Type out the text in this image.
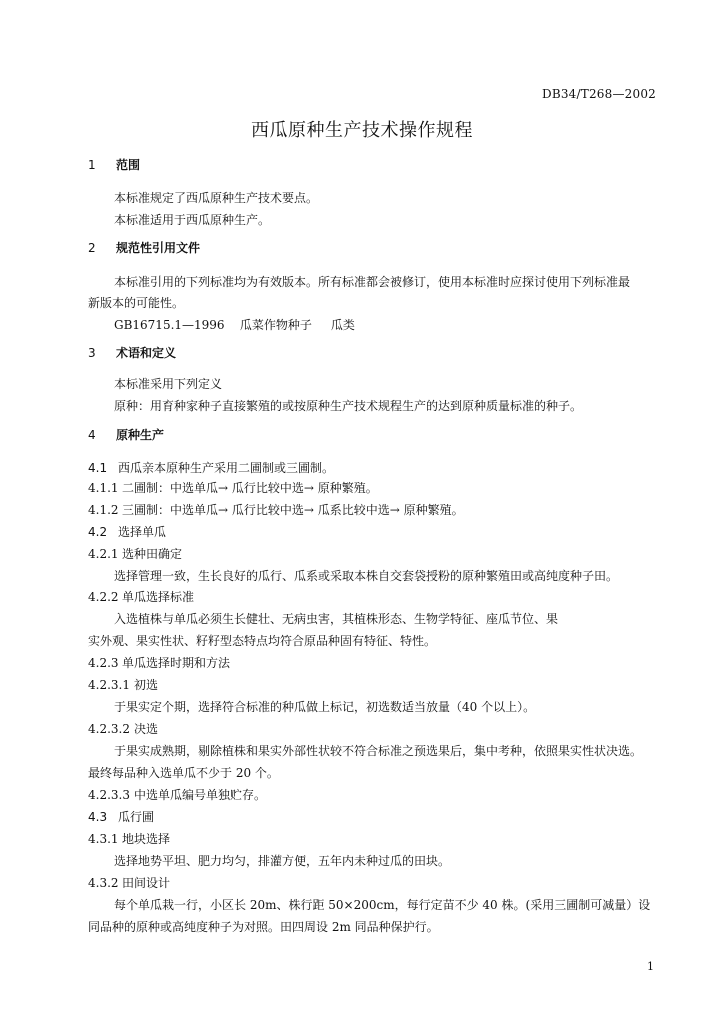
DB34/T268—2002
西瓜原种生产技术操作规程
1 范围
本标准规定了西瓜原种生产技术要点。
本标准适用于西瓜原种生产。
2 规范性引用文件
本标准引用的下列标准均为有效版本。所有标准都会被修订，使用本标准时应探讨使用下列标准最
新版本的可能性。
GB16715.1—1996    瓜菜作物种子     瓜类
3 术语和定义
本标准采用下列定义
原种：用育种家种子直接繁殖的或按原种生产技术规程生产的达到原种质量标准的种子。
4 原种生产
4.1 西瓜亲本原种生产采用二圃制或三圃制。
4.1.1 二圃制：中选单瓜→ 瓜行比较中选→ 原种繁殖。
4.1.2 三圃制：中选单瓜→ 瓜行比较中选→ 瓜系比较中选→ 原种繁殖。
4.2 选择单瓜
4.2.1 选种田确定
选择管理一致，生长良好的瓜行、瓜系或采取本株自交套袋授粉的原种繁殖田或高纯度种子田。
4.2.2 单瓜选择标准
入选植株与单瓜必须生长健壮、无病虫害，其植株形态、生物学特征、座瓜节位、果
实外观、果实性状、籽籽型态特点均符合原品种固有特征、特性。
4.2.3 单瓜选择时期和方法
4.2.3.1 初选
于果实定个期，选择符合标准的种瓜做上标记，初选数适当放量（40 个以上）。
4.2.3.2 决选
于果实成熟期，剔除植株和果实外部性状较不符合标准之预选果后，集中考种，依照果实性状决选。
最终每品种入选单瓜不少于 20 个。
4.2.3.3 中选单瓜编号单独贮存。
4.3 瓜行圃
4.3.1 地块选择
选择地势平坦、肥力均匀，排灌方便，五年内未种过瓜的田块。
4.3.2 田间设计
每个单瓜栽一行，小区长 20m、株行距 50×200cm，每行定苗不少 40 株。(采用三圃制可减量）设
同品种的原种或高纯度种子为对照。田四周设 2m 同品种保护行。
1
